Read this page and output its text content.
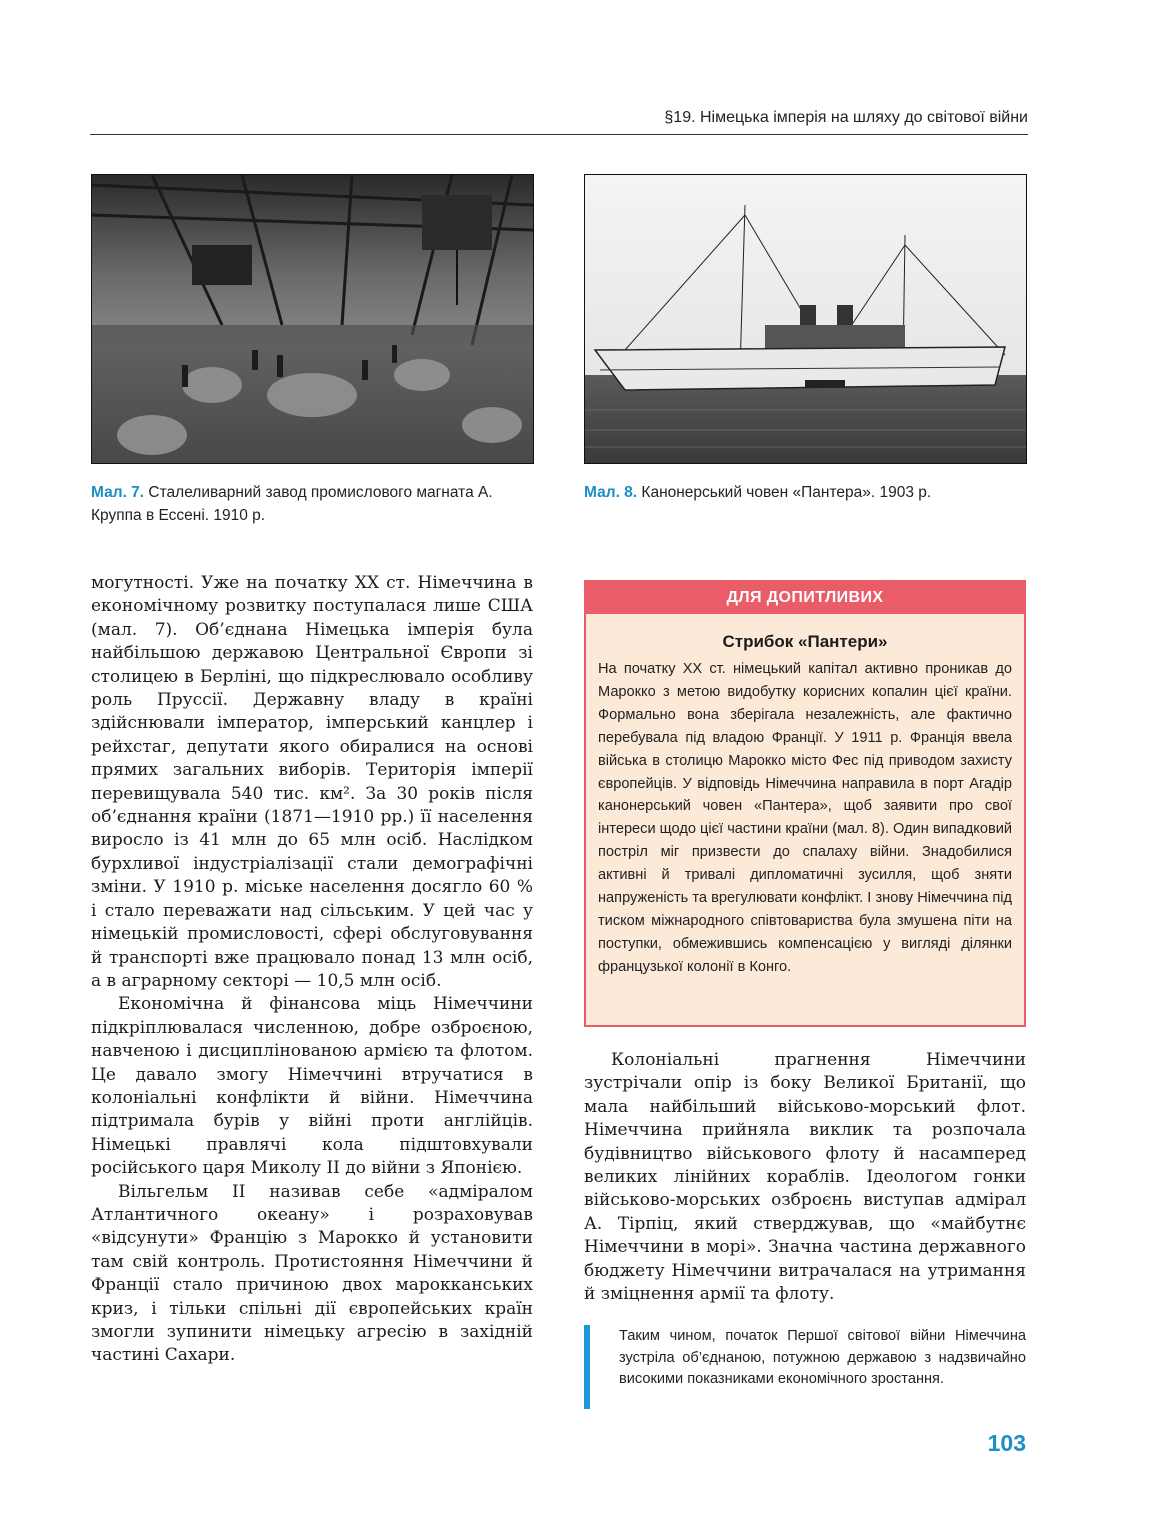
§19. Німецька імперія на шляху до світової війни
Мал. 7. Сталеливарний завод промислового магната А. Круппа в Ессені. 1910 р.
Мал. 8. Канонерський човен «Пантера». 1903 р.

могутності. Уже на початку XX ст. Німеччина в економічному розвитку поступалася лише США (мал. 7). Об’єднана Німецька імперія була найбільшою державою Центральної Європи зі столицею в Берліні, що підкреслювало особливу роль Пруссії. Державну владу в країні здійснювали імператор, імперський канцлер і рейхстаг, депутати якого обиралися на основі прямих загальних виборів. Територія імперії перевищувала 540 тис. км². За 30 років після об’єднання країни (1871—1910 рр.) її населення виросло із 41 млн до 65 млн осіб. Наслідком бурхливої індустріалізації стали демографічні зміни. У 1910 р. міське населення досягло 60 % і стало переважати над сільським. У цей час у німецькій промисловості, сфері обслуговування й транспорті вже працювало понад 13 млн осіб, а в аграрному секторі — 10,5 млн осіб.

Економічна й фінансова міць Німеччини підкріплювалася численною, добре озброєною, навченою і дисциплінованою армією та флотом. Це давало змогу Німеччині втручатися в колоніальні конфлікти й війни. Німеччина підтримала бурів у війні проти англійців. Німецькі правлячі кола підштовхували російського царя Миколу II до війни з Японією.

Вільгельм II називав себе «адміралом Атлантичного океану» і розраховував «відсунути» Францію з Марокко й установити там свій контроль. Протистояння Німеччини й Франції стало причиною двох марокканських криз, і тільки спільні дії європейських країн змогли зупинити німецьку агресію в західній частині Сахари.

ДЛЯ ДОПИТЛИВИХ
Стрибок «Пантери»
На початку XX ст. німецький капітал активно проникав до Марокко з метою видобутку корисних копалин цієї країни. Формально вона зберігала незалежність, але фактично перебувала під владою Франції. У 1911 р. Франція ввела війська в столицю Марокко місто Фес під приводом захисту європейців. У відповідь Німеччина направила в порт Агадір канонерський човен «Пантера», щоб заявити про свої інтереси щодо цієї частини країни (мал. 8). Один випадковий постріл міг призвести до спалаху війни. Знадобилися активні й тривалі дипломатичні зусилля, щоб зняти напруженість та врегулювати конфлікт. І знову Німеччина під тиском міжнародного співтовариства була змушена піти на поступки, обмежившись компенсацією у вигляді ділянки французької колонії в Конго.

Колоніальні прагнення Німеччини зустрічали опір із боку Великої Британії, що мала найбільший військово-морський флот. Німеччина прийняла виклик та розпочала будівництво військового флоту й насамперед великих лінійних кораблів. Ідеологом гонки військово-морських озброєнь виступав адмірал А. Тірпіц, який стверджував, що «майбутнє Німеччини в морі». Значна частина державного бюджету Німеччини витрачалася на утримання й зміцнення армії та флоту.

Таким чином, початок Першої світової війни Німеччина зустріла об’єднаною, потужною державою з надзвичайно високими показниками економічного зростання.
103
